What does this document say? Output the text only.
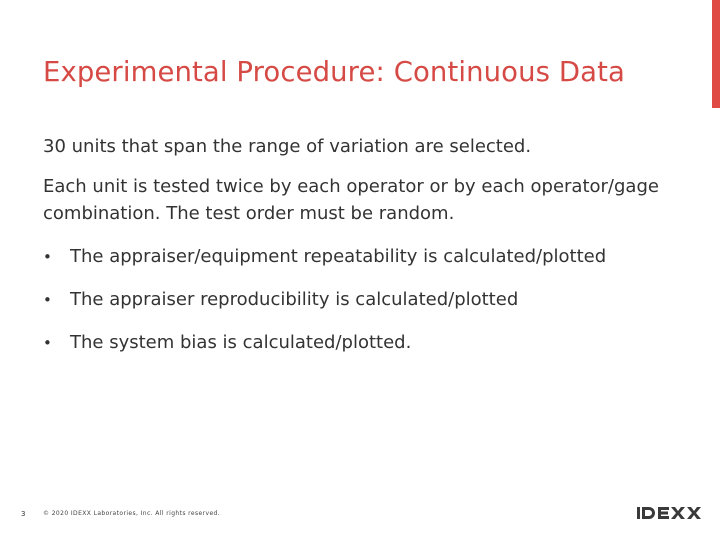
Experimental Procedure: Continuous Data
30 units that span the range of variation are selected.
Each unit is tested twice by each operator or by each operator/gage combination. The test order must be random.
•	The appraiser/equipment repeatability is calculated/plotted
•	The appraiser reproducibility is calculated/plotted
•	The system bias is calculated/plotted.
3	© 2020 IDEXX Laboratories, Inc. All rights reserved.
